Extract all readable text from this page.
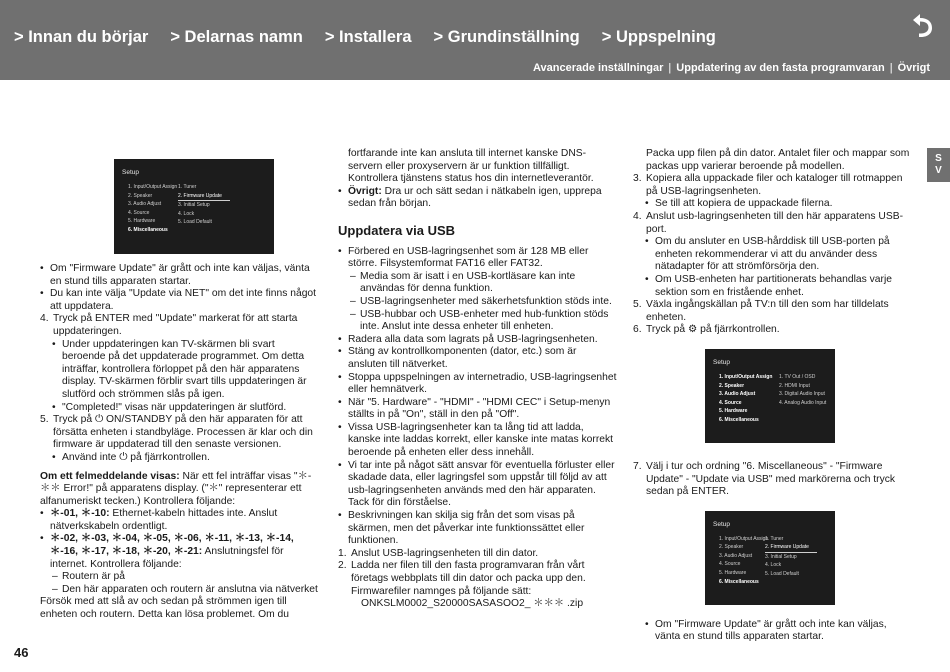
> Innan du börjar > Delarnas namn > Installera > Grundinställning > Uppspelning
Avancerade inställningar | Uppdatering av den fasta programvaran | Övrigt
S
V
Setup
1. Input/Output Assign
2. Speaker
3. Audio Adjust
4. Source
5. Hardware
6. Miscellaneous
1. Tuner
2. Firmware Update
3. Initial Setup
4. Lock
5. Load Default
• Om "Firmware Update" är grått och inte kan väljas, vänta en stund tills apparaten startar.
• Du kan inte välja "Update via NET" om det inte finns något att uppdatera.
4. Tryck på ENTER med "Update" markerat för att starta uppdateringen.
• Under uppdateringen kan TV-skärmen bli svart beroende på det uppdaterade programmet. Om detta inträffar, kontrollera förloppet på den här apparatens display. TV-skärmen förblir svart tills uppdateringen är slutförd och strömmen slås på igen.
• "Completed!" visas när uppdateringen är slutförd.
5. Tryck på ⏻ ON/STANDBY på den här apparaten för att försätta enheten i standbyläge. Processen är klar och din firmware är uppdaterad till den senaste versionen.
• Använd inte ⏻ på fjärrkontrollen.
Om ett felmeddelande visas: När ett fel inträffar visas "＊-＊＊ Error!" på apparatens display. ("＊" representerar ett alfanumeriskt tecken.) Kontrollera följande:
• ＊-01, ＊-10: Ethernet-kabeln hittades inte. Anslut nätverkskabeln ordentligt.
• ＊-02, ＊-03, ＊-04, ＊-05, ＊-06, ＊-11, ＊-13, ＊-14, ＊-16, ＊-17, ＊-18, ＊-20, ＊-21: Anslutningsfel för internet. Kontrollera följande:
– Routern är på
– Den här apparaten och routern är anslutna via nätverket
Försök med att slå av och sedan på strömmen igen till enheten och routern. Detta kan lösa problemet. Om du
fortfarande inte kan ansluta till internet kanske DNS-servern eller proxyservern är ur funktion tillfälligt. Kontrollera tjänstens status hos din internetleverantör.
• Övrigt: Dra ur och sätt sedan i nätkabeln igen, upprepa sedan från början.
Uppdatera via USB
• Förbered en USB-lagringsenhet som är 128 MB eller större. Filsystemformat FAT16 eller FAT32.
– Media som är isatt i en USB-kortläsare kan inte användas för denna funktion.
– USB-lagringsenheter med säkerhetsfunktion stöds inte.
– USB-hubbar och USB-enheter med hub-funktion stöds inte. Anslut inte dessa enheter till enheten.
• Radera alla data som lagrats på USB-lagringsenheten.
• Stäng av kontrollkomponenten (dator, etc.) som är ansluten till nätverket.
• Stoppa uppspelningen av internetradio, USB-lagringsenhet eller hemnätverk.
• När "5. Hardware" - "HDMI" - "HDMI CEC" i Setup-menyn ställts in på "On", ställ in den på "Off".
• Vissa USB-lagringsenheter kan ta lång tid att ladda, kanske inte laddas korrekt, eller kanske inte matas korrekt beroende på enheten eller dess innehåll.
• Vi tar inte på något sätt ansvar för eventuella förluster eller skadade data, eller lagringsfel som uppstår till följd av att usb-lagringsenheten används med den här apparaten. Tack för din förståelse.
• Beskrivningen kan skilja sig från det som visas på skärmen, men det påverkar inte funktionssättet eller funktionen.
1. Anslut USB-lagringsenheten till din dator.
2. Ladda ner filen till den fasta programvaran från vårt företags webbplats till din dator och packa upp den. Firmwarefiler namnges på följande sätt:
ONKSLM0002_S20000SASASOO2_ ＊＊＊ .zip
Packa upp filen på din dator. Antalet filer och mappar som packas upp varierar beroende på modellen.
3. Kopiera alla uppackade filer och kataloger till rotmappen på USB-lagringsenheten.
• Se till att kopiera de uppackade filerna.
4. Anslut usb-lagringsenheten till den här apparatens USB-port.
• Om du ansluter en USB-hårddisk till USB-porten på enheten rekommenderar vi att du använder dess nätadapter för att strömförsörja den.
• Om USB-enheten har partitionerats behandlas varje sektion som en fristående enhet.
5. Växla ingångskällan på TV:n till den som har tilldelats enheten.
6. Tryck på ⚙ på fjärrkontrollen.
Setup
1. Input/Output Assign
2. Speaker
3. Audio Adjust
4. Source
5. Hardware
6. Miscellaneous
1. TV Out / OSD
2. HDMI Input
3. Digital Audio Input
4. Analog Audio Input
7. Välj i tur och ordning "6. Miscellaneous" - "Firmware Update" - "Update via USB" med markörerna och tryck sedan på ENTER.
Setup
1. Input/Output Assign
2. Speaker
3. Audio Adjust
4. Source
5. Hardware
6. Miscellaneous
1. Tuner
2. Firmware Update
3. Initial Setup
4. Lock
5. Load Default
• Om "Firmware Update" är grått och inte kan väljas, vänta en stund tills apparaten startar.
46
